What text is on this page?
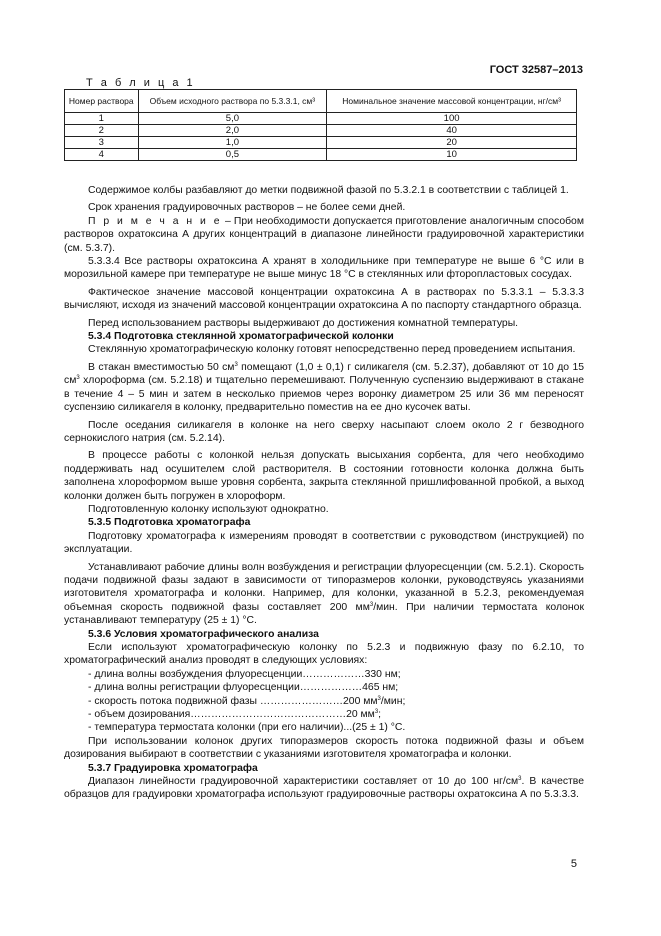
ГОСТ 32587–2013
Т а б л и ц а 1
Номер раствора	Объем исходного раствора по 5.3.3.1, см³	Номинальное значение массовой концентрации, нг/см³
1	5,0	100
2	2,0	40
3	1,0	20
4	0,5	10

Содержимое колбы разбавляют до метки подвижной фазой по 5.3.2.1 в соответствии с таблицей 1.

Срок хранения градуировочных растворов – не более семи дней.

П р и м е ч а н и е – При необходимости допускается приготовление аналогичным способом растворов охратоксина А других концентраций в диапазоне линейности градуировочной характеристики (см. 5.3.7).

5.3.3.4 Все растворы охратоксина А хранят в холодильнике при температуре не выше 6 °С или в морозильной камере при температуре не выше минус 18 °С в стеклянных или фторопластовых сосудах.

Фактическое значение массовой концентрации охратоксина А в растворах по 5.3.3.1 – 5.3.3.3 вычисляют, исходя из значений массовой концентрации охратоксина А по паспорту стандартного образца.

Перед использованием растворы выдерживают до достижения комнатной температуры.

5.3.4 Подготовка стеклянной хроматографической колонки

Стеклянную хроматографическую колонку готовят непосредственно перед проведением испытания.

В стакан вместимостью 50 $см^3$ помещают (1,0 ± 0,1) г силикагеля (см. 5.2.37), добавляют от 10 до 15 $см^3$ хлороформа (см. 5.2.18) и тщательно перемешивают. Полученную суспензию выдерживают в стакане в течение 4 – 5 мин и затем в несколько приемов через воронку диаметром 25 или 36 мм переносят суспензию силикагеля в колонку, предварительно поместив на ее дно кусочек ваты.

После оседания силикагеля в колонке на него сверху насыпают слоем около 2 г безводного сернокислого натрия (см. 5.2.14).

В процессе работы с колонкой нельзя допускать высыхания сорбента, для чего необходимо поддерживать над осушителем слой растворителя. В состоянии готовности колонка должна быть заполнена хлороформом выше уровня сорбента, закрыта стеклянной пришлифованной пробкой, а выход колонки должен быть погружен в хлороформ.

Подготовленную колонку используют однократно.

5.3.5 Подготовка хроматографа

Подготовку хроматографа к измерениям проводят в соответствии с руководством (инструкцией) по эксплуатации.

Устанавливают рабочие длины волн возбуждения и регистрации флуоресценции (см. 5.2.1). Скорость подачи подвижной фазы задают в зависимости от типоразмеров колонки, руководствуясь указаниями изготовителя хроматографа и колонки. Например, для колонки, указанной в 5.2.3, рекомендуемая объемная скорость подвижной фазы составляет 200 $мм^3$/мин. При наличии термостата колонок устанавливают температуру (25 ± 1) °С.

5.3.6 Условия хроматографического анализа

Если используют хроматографическую колонку по 5.2.3 и подвижную фазу по 6.2.10, то хроматографический анализ проводят в следующих условиях:

- длина волны возбуждения флуоресценции………………330 нм;

- длина волны регистрации флуоресценции………………465 нм;

- скорость потока подвижной фазы ……………………200 $мм^3$/мин;

- объем дозирования………………………………………20 $мм^3$;

- температура термостата колонки (при его наличии)...(25 ± 1) °С.

При использовании колонок других типоразмеров скорость потока подвижной фазы и объем дозирования выбирают в соответствии с указаниями изготовителя хроматографа и колонки.

5.3.7 Градуировка хроматографа

Диапазон линейности градуировочной характеристики составляет от 10 до 100 $нг/см^3$. В качестве образцов для градуировки хроматографа используют градуировочные растворы охратоксина А по 5.3.3.3.

5
